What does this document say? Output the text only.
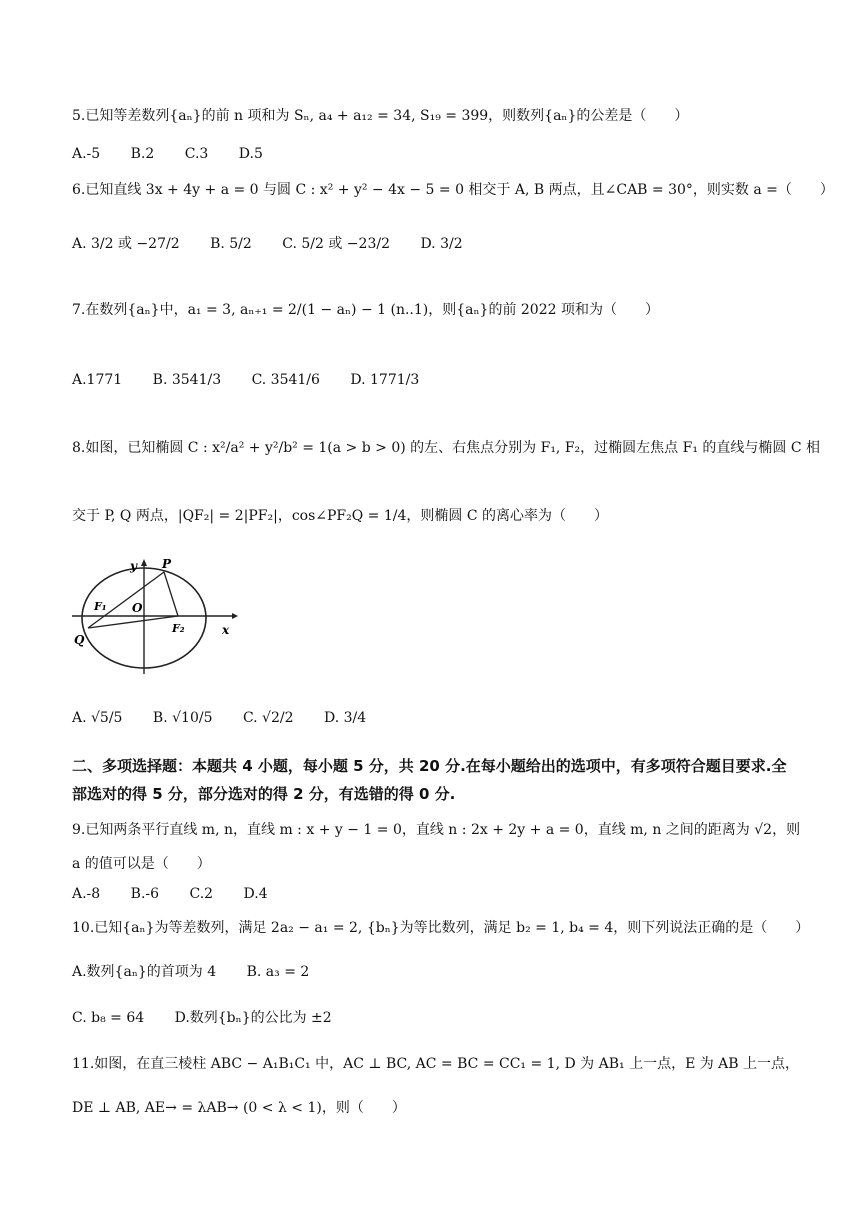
5.已知等差数列{aₙ}的前 n 项和为 Sₙ, a₄ + a₁₂ = 34, S₁₉ = 399，则数列{aₙ}的公差是（　　）
A.-5 B.2 C.3 D.5
6.已知直线 3x + 4y + a = 0 与圆 C : x² + y² − 4x − 5 = 0 相交于 A, B 两点，且∠CAB = 30°，则实数 a =（　　）
A. 3/2 或 −27/2 B. 5/2 C. 5/2 或 −23/2 D. 3/2
7.在数列{aₙ}中，a₁ = 3, aₙ₊₁ = 2/(1 − aₙ) − 1 (n..1)，则{aₙ}的前 2022 项和为（　　）
A.1771 B. 3541/3 C. 3541/6 D. 1771/3
8.如图，已知椭圆 C : x²/a² + y²/b² = 1(a > b > 0) 的左、右焦点分别为 F₁, F₂，过椭圆左焦点 F₁ 的直线与椭圆 C 相
交于 P, Q 两点，|QF₂| = 2|PF₂|，cos∠PF₂Q = 1/4，则椭圆 C 的离心率为（　　）
y
x
P
Q
O
F₁
F₂
A. √5/5 B. √10/5 C. √2/2 D. 3/4
二、多项选择题：本题共 4 小题，每小题 5 分，共 20 分.在每小题给出的选项中，有多项符合题目要求.全部选对的得 5 分，部分选对的得 2 分，有选错的得 0 分.
9.已知两条平行直线 m, n，直线 m : x + y − 1 = 0，直线 n : 2x + 2y + a = 0，直线 m, n 之间的距离为 √2，则
a 的值可以是（　　）
A.-8 B.-6 C.2 D.4
10.已知{aₙ}为等差数列，满足 2a₂ − a₁ = 2, {bₙ}为等比数列，满足 b₂ = 1, b₄ = 4，则下列说法正确的是（　　）
A.数列{aₙ}的首项为 4 B. a₃ = 2
C. b₈ = 64 D.数列{bₙ}的公比为 ±2
11.如图，在直三棱柱 ABC − A₁B₁C₁ 中，AC ⊥ BC, AC = BC = CC₁ = 1, D 为 AB₁ 上一点，E 为 AB 上一点，
DE ⊥ AB, AE→ = λAB→ (0 < λ < 1)，则（　　）
